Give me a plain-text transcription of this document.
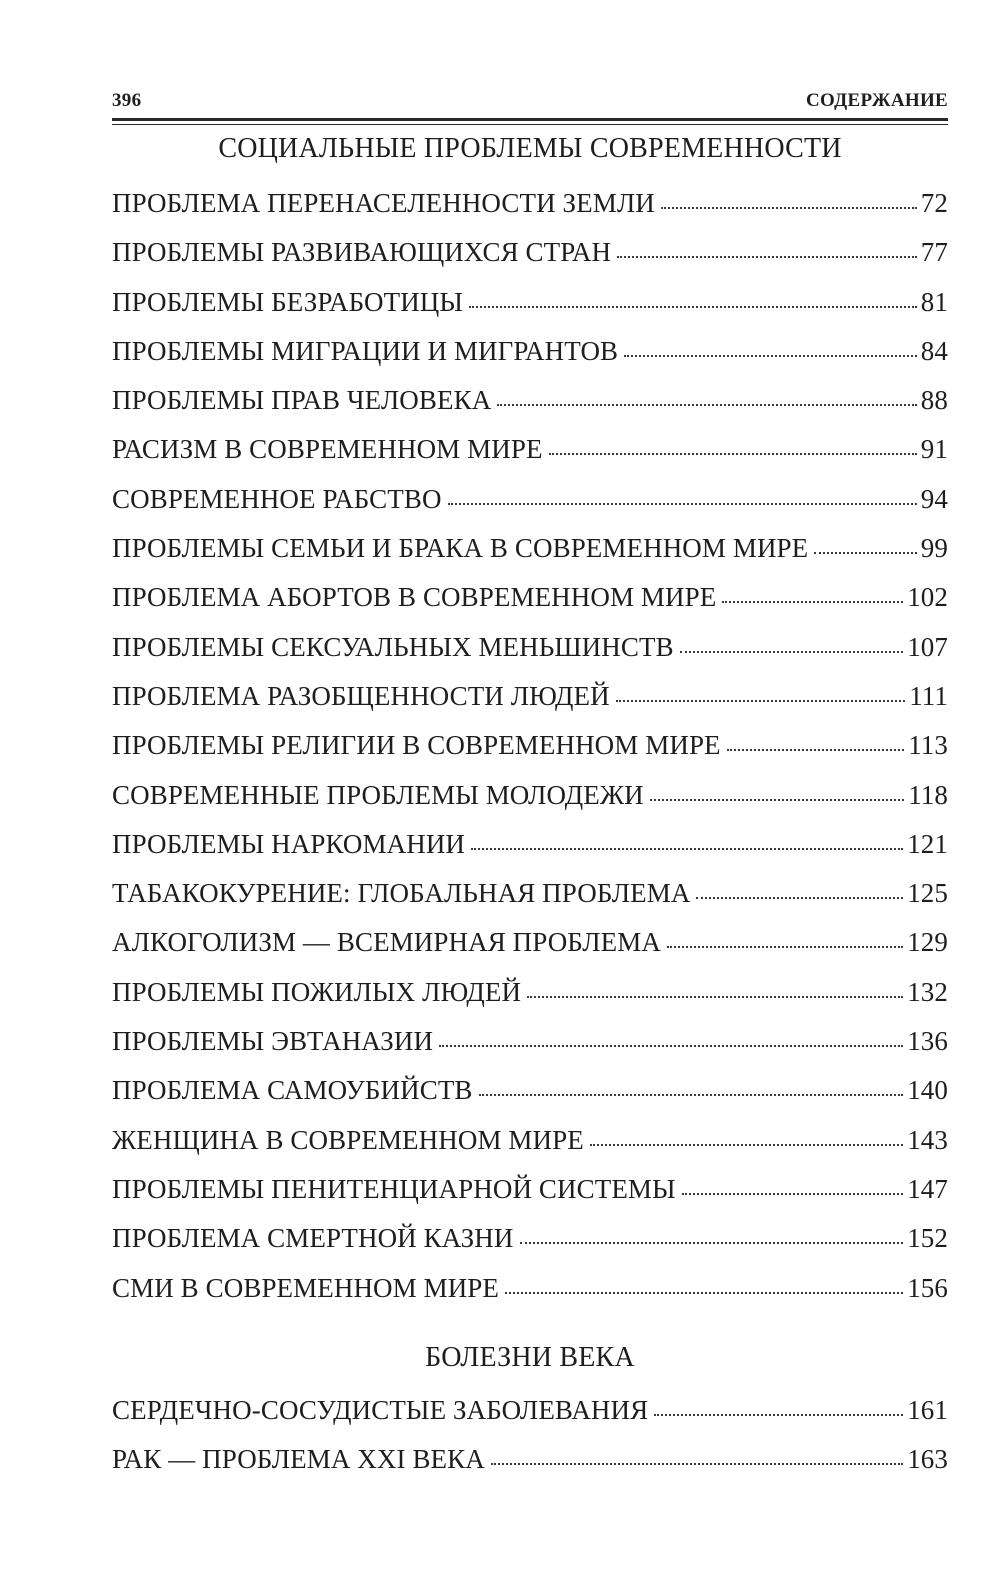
396	СОДЕРЖАНИЕ
СОЦИАЛЬНЫЕ ПРОБЛЕМЫ СОВРЕМЕННОСТИ
ПРОБЛЕМА ПЕРЕНАСЕЛЕННОСТИ ЗЕМЛИ	72
ПРОБЛЕМЫ РАЗВИВАЮЩИХСЯ СТРАН	77
ПРОБЛЕМЫ БЕЗРАБОТИЦЫ	81
ПРОБЛЕМЫ МИГРАЦИИ И МИГРАНТОВ	84
ПРОБЛЕМЫ ПРАВ ЧЕЛОВЕКА	88
РАСИЗМ В СОВРЕМЕННОМ МИРЕ	91
СОВРЕМЕННОЕ РАБСТВО	94
ПРОБЛЕМЫ СЕМЬИ И БРАКА В СОВРЕМЕННОМ МИРЕ	99
ПРОБЛЕМА АБОРТОВ В СОВРЕМЕННОМ МИРЕ	102
ПРОБЛЕМЫ СЕКСУАЛЬНЫХ МЕНЬШИНСТВ	107
ПРОБЛЕМА РАЗОБЩЕННОСТИ ЛЮДЕЙ	111
ПРОБЛЕМЫ РЕЛИГИИ В СОВРЕМЕННОМ МИРЕ	113
СОВРЕМЕННЫЕ ПРОБЛЕМЫ МОЛОДЕЖИ	118
ПРОБЛЕМЫ НАРКОМАНИИ	121
ТАБАКОКУРЕНИЕ: ГЛОБАЛЬНАЯ ПРОБЛЕМА	125
АЛКОГОЛИЗМ — ВСЕМИРНАЯ ПРОБЛЕМА	129
ПРОБЛЕМЫ ПОЖИЛЫХ ЛЮДЕЙ	132
ПРОБЛЕМЫ ЭВТАНАЗИИ	136
ПРОБЛЕМА САМОУБИЙСТВ	140
ЖЕНЩИНА В СОВРЕМЕННОМ МИРЕ	143
ПРОБЛЕМЫ ПЕНИТЕНЦИАРНОЙ СИСТЕМЫ	147
ПРОБЛЕМА СМЕРТНОЙ КАЗНИ	152
СМИ В СОВРЕМЕННОМ МИРЕ	156
БОЛЕЗНИ ВЕКА
СЕРДЕЧНО-СОСУДИСТЫЕ ЗАБОЛЕВАНИЯ	161
РАК — ПРОБЛЕМА XXI ВЕКА	163
